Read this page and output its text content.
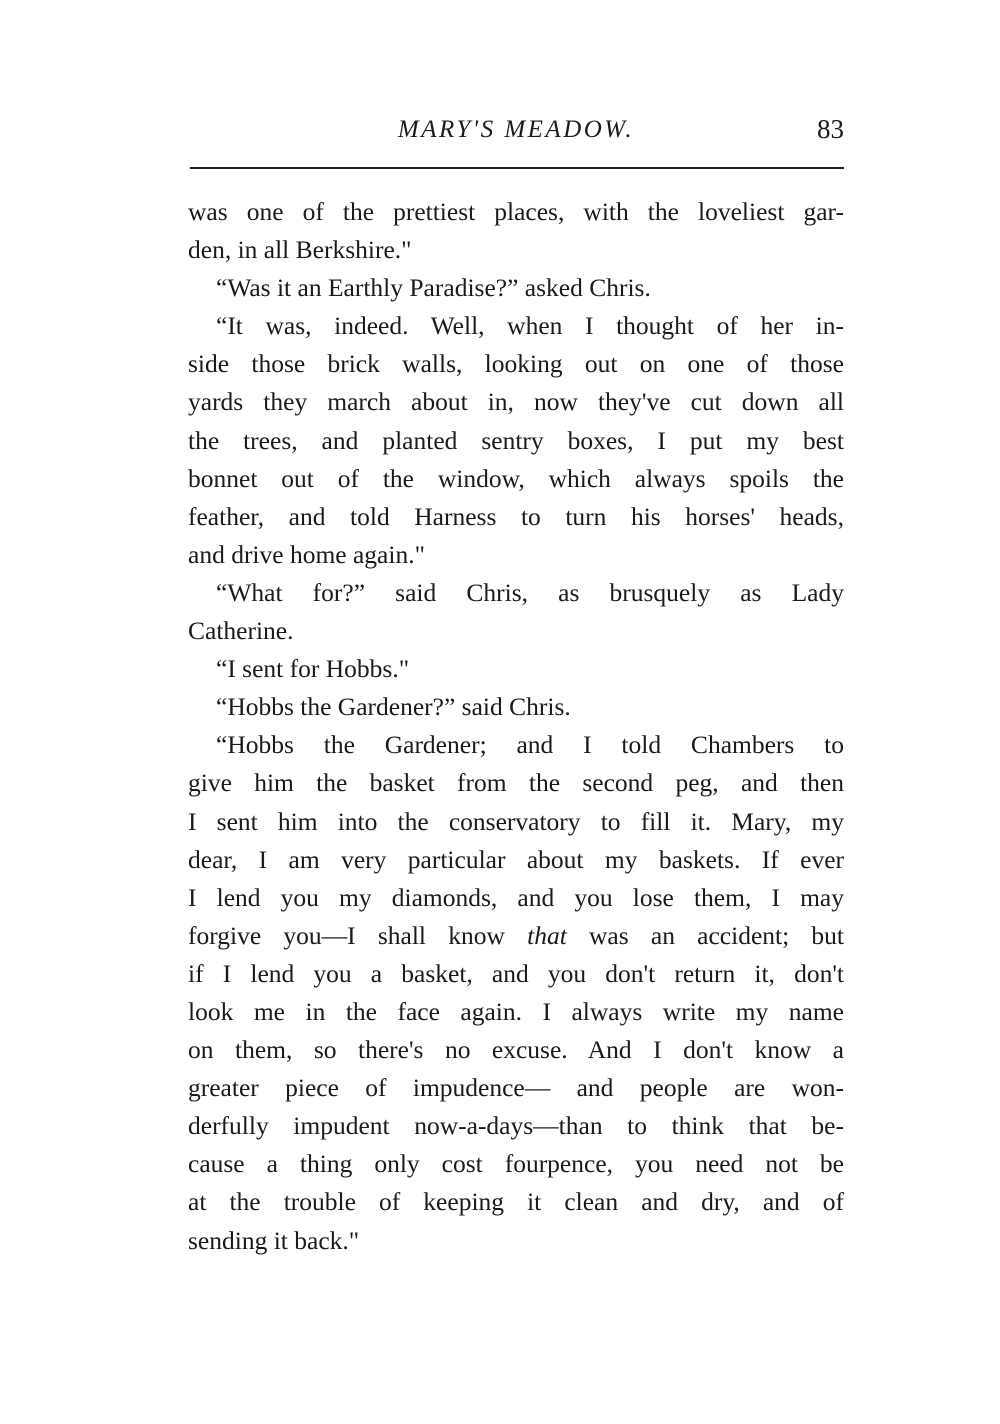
MARY'S MEADOW.	83
was one of the prettiest places, with the loveliest gar-
den, in all Berkshire."
“Was it an Earthly Paradise?” asked Chris.
“It was, indeed. Well, when I thought of her in-
side those brick walls, looking out on one of those
yards they march about in, now they've cut down all
the trees, and planted sentry boxes, I put my best
bonnet out of the window, which always spoils the
feather, and told Harness to turn his horses' heads,
and drive home again."
“What for?” said Chris, as brusquely as Lady
Catherine.
“I sent for Hobbs."
“Hobbs the Gardener?” said Chris.
“Hobbs the Gardener; and I told Chambers to
give him the basket from the second peg, and then
I sent him into the conservatory to fill it. Mary, my
dear, I am very particular about my baskets. If ever
I lend you my diamonds, and you lose them, I may
forgive you—I shall know that was an accident; but
if I lend you a basket, and you don't return it, don't
look me in the face again. I always write my name
on them, so there's no excuse. And I don't know a
greater piece of impudence— and people are won-
derfully impudent now-a-days—than to think that be-
cause a thing only cost fourpence, you need not be
at the trouble of keeping it clean and dry, and of
sending it back."
